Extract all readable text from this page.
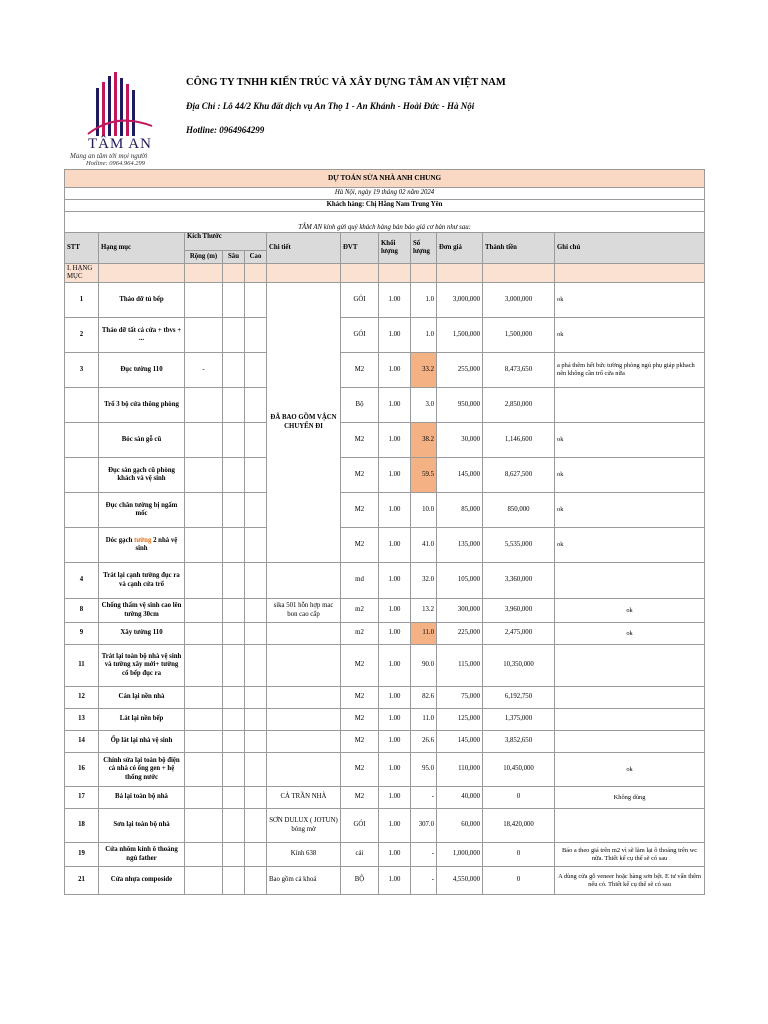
TÂM AN
Mang an tâm tới mọi người
Hotline: 0964.964.299
CÔNG TY TNHH KIẾN TRÚC VÀ XÂY DỰNG TÂM AN VIỆT NAM
Địa Chỉ : Lô 44/2 Khu đất dịch vụ An Thọ 1 - An Khánh - Hoài Đức - Hà Nội
Hotline: 0964964299
DỰ TOÁN SỬA NHÀ ANH CHUNG											
Hà Nội, ngày 19 tháng 02 năm 2024											
Khách hàng: Chị Hằng Nam Trung Yên											
TÂM AN kính gửi quý khách hàng bản báo giá cơ bản như sau:											
STT	Hạng mục	Kích Thước			Chi tiết	ĐVT	Khối lượng	Số lượng	Đơn giá	Thành tiền	Ghi chú
		Rộng (m)	Sâu	Cao							
I. HẠNG MỤC											
1	Tháo dỡ tủ bếp				ĐÃ BAO GỒM VẬCN CHUYỂN ĐI	GÓI	1.00	1.0	3,000,000	3,000,000	ok
2	Tháo dỡ tất cả cửa + tbvs + ...					GÓI	1.00	1.0	1,500,000	1,500,000	ok
3	Đục tường 110	-				M2	1.00	33.2	255,000	8,473,650	a phá thêm hết bức tường phòng ngủ phụ giáp pkhach nên không cần trổ cửa nữa
	Trổ 3 bộ cửa thông phòng					Bộ	1.00	3.0	950,000	2,850,000	
	Bóc sàn gỗ cũ					M2	1.00	38.2	30,000	1,146,600	ok
	Đục sàn gạch cũ phòng khách và vệ sinh					M2	1.00	59.5	145,000	8,627,500	ok
	Đục chân tường bị ngấm mốc					M2	1.00	10.0	85,000	850,000	ok
	Dóc gạch tường 2 nhà vệ sinh					M2	1.00	41.0	135,000	5,535,000	ok
4	Trát lại cạnh tường đục ra và cạnh cửa trổ					md	1.00	32.0	105,000	3,360,000	
8	Chống thấm vệ sinh cao lên tường 30cm				sika 501 hỗn hợp mac bon cao cấp	m2	1.00	13.2	300,000	3,960,000	ok
9	Xây tường 110					m2	1.00	11.0	225,000	2,475,000	ok
11	Trát lại toàn bộ nhà vệ sinh và tường xây mới+ tường cổ bếp đục ra					M2	1.00	90.0	115,000	10,350,000	
12	Cán lại nền nhà					M2	1.00	82.6	75,000	6,192,750	
13	Lát lại nền bếp					M2	1.00	11.0	125,000	1,375,000	
14	Ốp lát lại nhà vệ sinh					M2	1.00	26.6	145,000	3,852,650	
16	Chỉnh sửa lại toàn bộ điện cả nhà có ống gen + hệ thống nước					M2	1.00	95.0	110,000	10,450,000	ok
17	Bả lại toàn bộ nhà				CẢ TRẦN NHÀ	M2	1.00	-	40,000	0	Không dùng
18	Sơn lại toàn bộ nhà				SƠN DULUX ( JOTUN) bóng mờ	GÓI	1.00	307.0	60,000	18,420,000	
19	Cửa nhôm kính ô thoáng ngủ father				Kính 638	cái	1.00	-	1,000,000	0	Báo a theo giá trên m2 vì sẽ làm lại ô thoáng trên wc nữa. Thiết kế cụ thể sẽ có sau
21	Cửa nhựa composide				Bao gồm cả khoá	BỘ	1.00	-	4,550,000	0	A dùng cửa gỗ veneer hoặc hàng sơn bệt. E tư vấn thêm nếu có. Thiết kế cụ thể sẽ có sau
